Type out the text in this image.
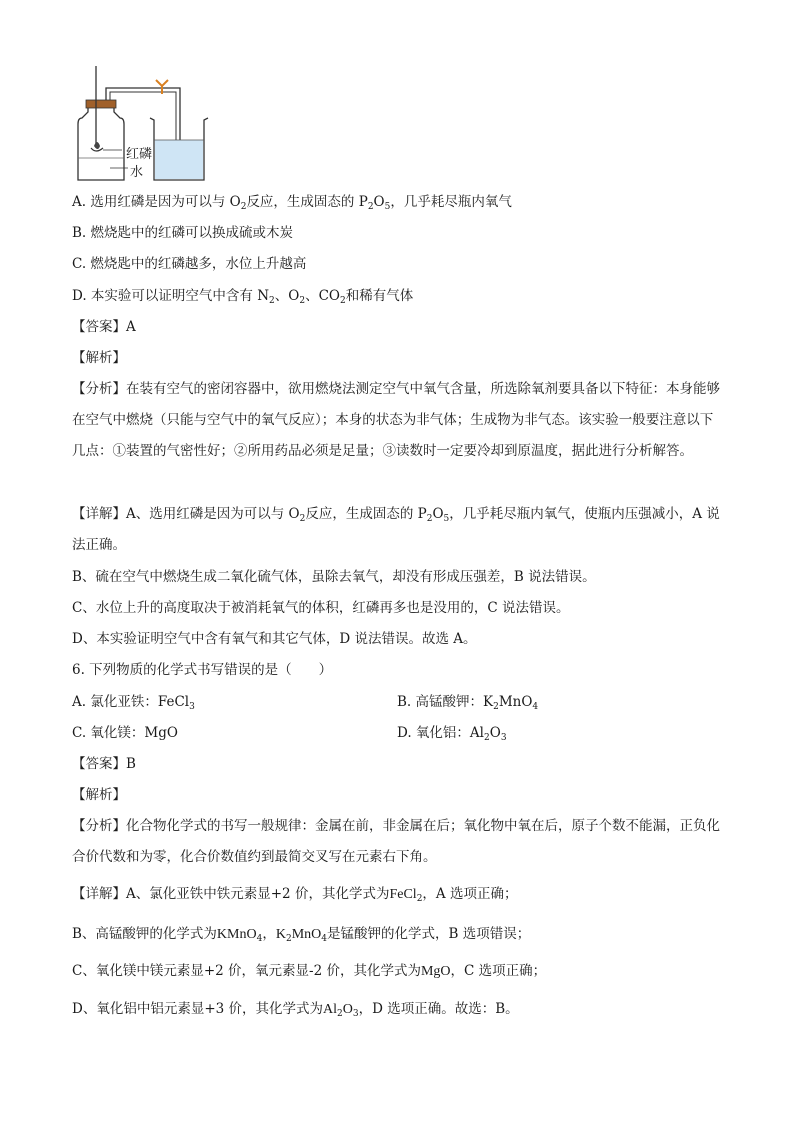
红磷
水
A. 选用红磷是因为可以与 $O_2$反应，生成固态的 $P_2O_5$，几乎耗尽瓶内氧气
B. 燃烧匙中的红磷可以换成硫或木炭
C. 燃烧匙中的红磷越多，水位上升越高
D. 本实验可以证明空气中含有 $N_2$、$O_2$、$CO_2$和稀有气体
【答案】A
【解析】
【分析】在装有空气的密闭容器中，欲用燃烧法测定空气中氧气含量，所选除氧剂要具备以下特征：本身能够在空气中燃烧（只能与空气中的氧气反应）；本身的状态为非气体；生成物为非气态。该实验一般要注意以下几点：①装置的气密性好；②所用药品必须是足量；③读数时一定要冷却到原温度，据此进行分析解答。
【详解】A、选用红磷是因为可以与 $O_2$反应，生成固态的 $P_2O_5$，几乎耗尽瓶内氧气，使瓶内压强减小，A 说法正确。
B、硫在空气中燃烧生成二氧化硫气体，虽除去氧气，却没有形成压强差，B 说法错误。
C、水位上升的高度取决于被消耗氧气的体积，红磷再多也是没用的，C 说法错误。
D、本实验证明空气中含有氧气和其它气体，D 说法错误。故选 A。
6. 下列物质的化学式书写错误的是（　　）
A. 氯化亚铁：FeCl$_3$	B. 高锰酸钾：$K_2MnO_4$
C. 氧化镁：MgO	D. 氧化铝：$Al_2O_3$
【答案】B
【解析】
【分析】化合物化学式的书写一般规律：金属在前，非金属在后；氧化物中氧在后，原子个数不能漏，正负化合价代数和为零，化合价数值约到最简交叉写在元素右下角。
【详解】A、氯化亚铁中铁元素显+2 价，其化学式为FeCl$_2$，A 选项正确；
B、高锰酸钾的化学式为KMnO$_4$，$K_2MnO_4$是锰酸钾的化学式，B 选项错误；
C、氧化镁中镁元素显+2 价，氧元素显-2 价，其化学式为MgO，C 选项正确；
D、氧化铝中铝元素显+3 价，其化学式为$Al_2O_3$，D 选项正确。故选：B。
